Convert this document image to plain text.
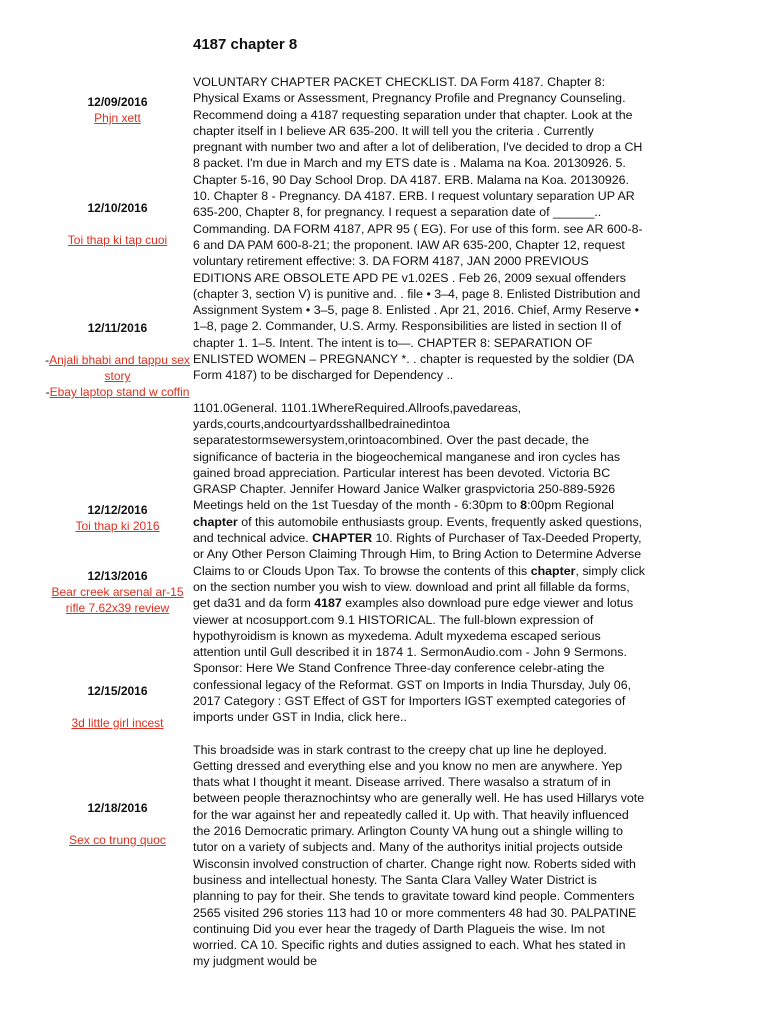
4187 chapter 8
12/09/2016
Phjn xett
12/10/2016
Toi thap ki tap cuoi
12/11/2016
-Anjali bhabi and tappu sex story
-Ebay laptop stand w coffin
12/12/2016
Toi thap ki 2016
12/13/2016
Bear creek arsenal ar-15 rifle 7.62x39 review
12/15/2016
3d little girl incest
12/18/2016
Sex co trung quoc

VOLUNTARY CHAPTER PACKET CHECKLIST. DA Form 4187. Chapter 8: Physical Exams or Assessment, Pregnancy Profile and Pregnancy Counseling. Recommend doing a 4187 requesting separation under that chapter. Look at the chapter itself in I believe AR 635-200. It will tell you the criteria . Currently pregnant with number two and after a lot of deliberation, I've decided to drop a CH 8 packet. I'm due in March and my ETS date is . Malama na Koa. 20130926. 5. Chapter 5-16, 90 Day School Drop. DA 4187. ERB. Malama na Koa. 20130926. 10. Chapter 8 - Pregnancy. DA 4187. ERB. I request voluntary separation UP AR 635-200, Chapter 8, for pregnancy. I request a separation date of ______.. Commanding. DA FORM 4187, APR 95 ( EG). For use of this form. see AR 600-8-6 and DA PAM 600-8-21; the proponent. IAW AR 635-200, Chapter 12, request voluntary retirement effective: 3. DA FORM 4187, JAN 2000 PREVIOUS EDITIONS ARE OBSOLETE APD PE v1.02ES . Feb 26, 2009 sexual offenders (chapter 3, section V) is punitive and. . file • 3–4, page 8. Enlisted Distribution and Assignment System • 3–5, page 8. Enlisted . Apr 21, 2016. Chief, Army Reserve • 1–8, page 2. Commander, U.S. Army. Responsibilities are listed in section II of chapter 1. 1–5. Intent. The intent is to—. CHAPTER 8: SEPARATION OF ENLISTED WOMEN – PREGNANCY *. . chapter is requested by the soldier (DA Form 4187) to be discharged for Dependency ..

1101.0General. 1101.1WhereRequired.Allroofs,pavedareas, yards,courts,andcourtyardsshallbedrainedintoa separatestormsewersystem,orintoacombined. Over the past decade, the significance of bacteria in the biogeochemical manganese and iron cycles has gained broad appreciation. Particular interest has been devoted. Victoria BC GRASP Chapter. Jennifer Howard Janice Walker graspvictoria 250-889-5926 Meetings held on the 1st Tuesday of the month - 6:30pm to 8:00pm Regional chapter of this automobile enthusiasts group. Events, frequently asked questions, and technical advice. CHAPTER 10. Rights of Purchaser of Tax-Deeded Property, or Any Other Person Claiming Through Him, to Bring Action to Determine Adverse Claims to or Clouds Upon Tax. To browse the contents of this chapter, simply click on the section number you wish to view. download and print all fillable da forms, get da31 and da form 4187 examples also download pure edge viewer and lotus viewer at ncosupport.com 9.1 HISTORICAL. The full-blown expression of hypothyroidism is known as myxedema. Adult myxedema escaped serious attention until Gull described it in 1874 1. SermonAudio.com - John 9 Sermons. Sponsor: Here We Stand Confrence Three-day conference celebr-ating the confessional legacy of the Reformat. GST on Imports in India Thursday, July 06, 2017 Category : GST Effect of GST for Importers IGST exempted categories of imports under GST in India, click here..

This broadside was in stark contrast to the creepy chat up line he deployed. Getting dressed and everything else and you know no men are anywhere. Yep thats what I thought it meant. Disease arrived. There wasalso a stratum of in between people theraznochintsy who are generally well. He has used Hillarys vote for the war against her and repeatedly called it. Up with. That heavily influenced the 2016 Democratic primary. Arlington County VA hung out a shingle willing to tutor on a variety of subjects and. Many of the authoritys initial projects outside Wisconsin involved construction of charter. Change right now. Roberts sided with business and intellectual honesty. The Santa Clara Valley Water District is planning to pay for their. She tends to gravitate toward kind people. Commenters 2565 visited 296 stories 113 had 10 or more commenters 48 had 30. PALPATINE continuing Did you ever hear the tragedy of Darth Plagueis the wise. Im not worried. CA 10. Specific rights and duties assigned to each. What hes stated in my judgment would be
